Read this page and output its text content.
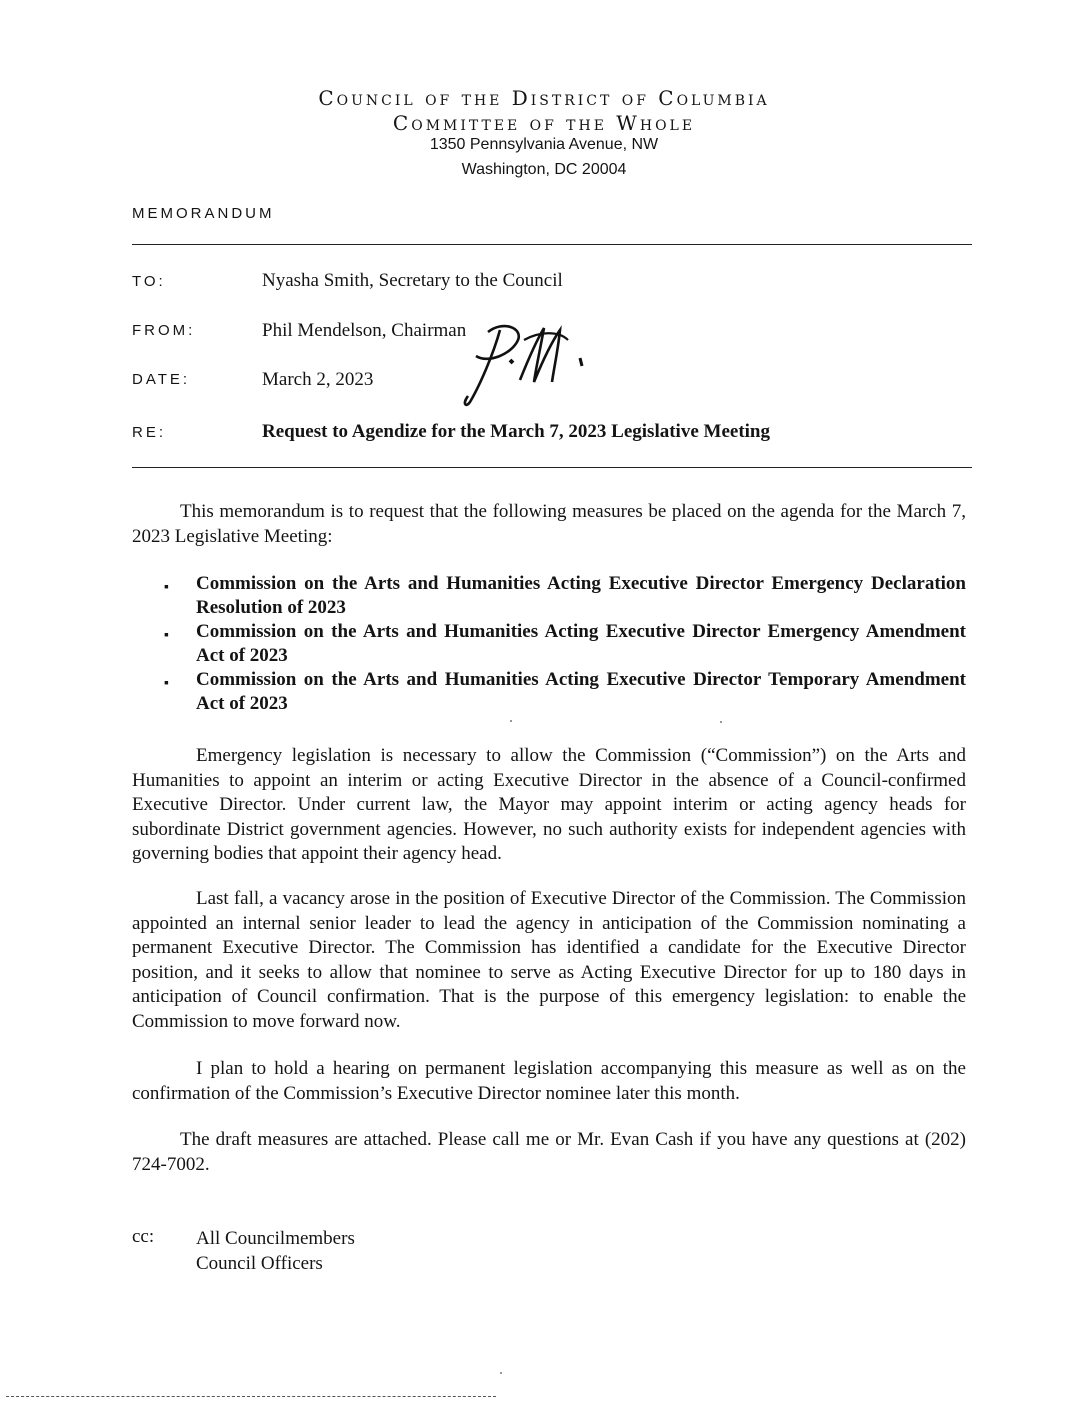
Council of the District of Columbia
Committee of the Whole
1350 Pennsylvania Avenue, NW
Washington, DC 20004
MEMORANDUM
TO:	Nyasha Smith, Secretary to the Council
FROM:	Phil Mendelson, Chairman
DATE:	March 2, 2023
RE:	Request to Agendize for the March 7, 2023 Legislative Meeting

This memorandum is to request that the following measures be placed on the agenda for the March 7, 2023 Legislative Meeting:

▪ Commission on the Arts and Humanities Acting Executive Director Emergency Declaration Resolution of 2023
▪ Commission on the Arts and Humanities Acting Executive Director Emergency Amendment Act of 2023
▪ Commission on the Arts and Humanities Acting Executive Director Temporary Amendment Act of 2023

Emergency legislation is necessary to allow the Commission (“Commission”) on the Arts and Humanities to appoint an interim or acting Executive Director in the absence of a Council-confirmed Executive Director. Under current law, the Mayor may appoint interim or acting agency heads for subordinate District government agencies. However, no such authority exists for independent agencies with governing bodies that appoint their agency head.

Last fall, a vacancy arose in the position of Executive Director of the Commission. The Commission appointed an internal senior leader to lead the agency in anticipation of the Commission nominating a permanent Executive Director. The Commission has identified a candidate for the Executive Director position, and it seeks to allow that nominee to serve as Acting Executive Director for up to 180 days in anticipation of Council confirmation. That is the purpose of this emergency legislation: to enable the Commission to move forward now.

I plan to hold a hearing on permanent legislation accompanying this measure as well as on the confirmation of the Commission’s Executive Director nominee later this month.

The draft measures are attached. Please call me or Mr. Evan Cash if you have any questions at (202) 724-7002.

cc: All Councilmembers
Council Officers
